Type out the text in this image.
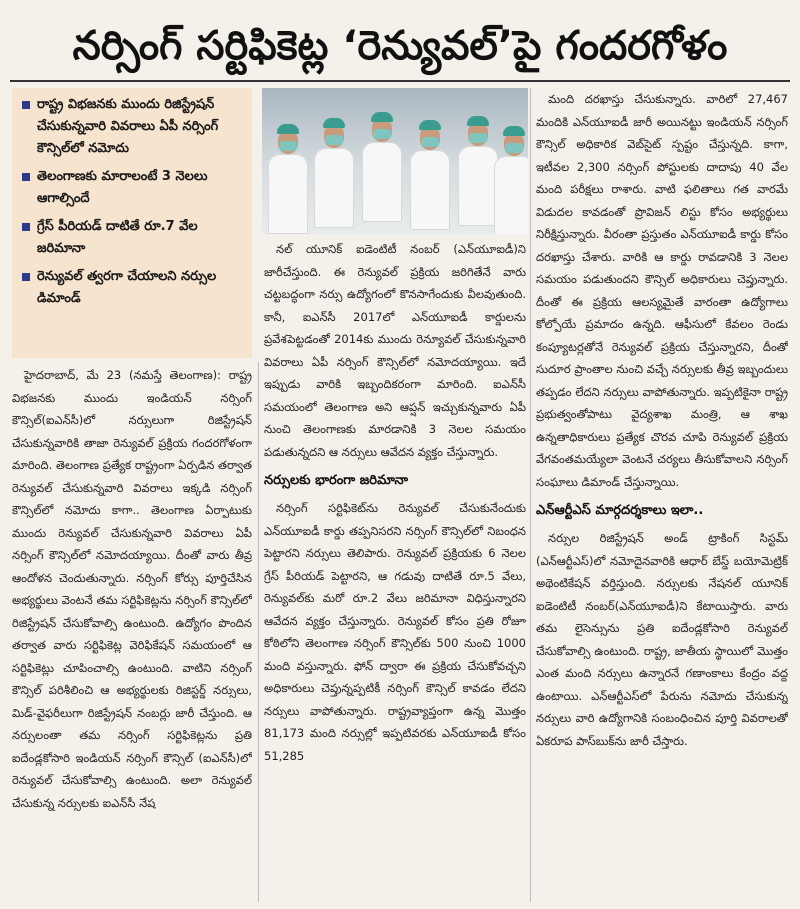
నర్సింగ్ సర్టిఫికెట్ల ‘రెన్యువల్’పై గందరగోళం
రాష్ట్ర విభజనకు ముందు రిజిస్ట్రేషన్ చేసుకున్నవారి వివరాలు ఏపీ నర్సింగ్ కౌన్సిల్‌లో నమోదు
తెలంగాణకు మారాలంటే 3 నెలలు ఆగాల్సిందే
గ్రేస్ పీరియడ్ దాటితే రూ.7 వేల జరిమానా
రెన్యువల్ త్వరగా చేయాలని నర్సుల డిమాండ్

హైదరాబాద్, మే 23 (నమస్తే తెలంగాణ): రాష్ట్ర విభజనకు ముందు ఇండియన్ నర్సింగ్ కౌన్సిల్(ఐఎన్‌సీ)లో నర్సులుగా రిజిస్ట్రేషన్ చేసుకున్నవారికి తాజా రెన్యువల్ ప్రక్రియ గందరగోళంగా మారింది. తెలంగాణ ప్రత్యేక రాష్ట్రంగా ఏర్పడిన తర్వాత రెన్యువల్ చేసుకున్నవారి వివరాలు ఇక్కడి నర్సింగ్ కౌన్సిల్‌లో నమోదు కాగా.. తెలంగాణ ఏర్పాటుకు ముందు రెన్యువల్ చేసుకున్నవారి వివరాలు ఏపీ నర్సింగ్ కౌన్సిల్‌లో నమోదయ్యాయి. దీంతో వారు తీవ్ర ఆందోళన చెందుతున్నారు. నర్సింగ్ కోర్సు పూర్తిచేసిన అభ్యర్థులు వెంటనే తమ సర్టిఫికెట్లను నర్సింగ్ కౌన్సిల్‌లో రిజిస్ట్రేషన్ చేసుకోవాల్సి ఉంటుంది. ఉద్యోగం పొందిన తర్వాత వారు సర్టిఫికెట్ల వెరిఫికేషన్ సమయంలో ఆ సర్టిఫికెట్లు చూపించాల్సి ఉంటుంది. వాటిని నర్సింగ్ కౌన్సిల్ పరిశీలించి ఆ అభ్యర్థులకు రిజిస్టర్డ్ నర్సులు, మిడ్-వైఫరీలుగా రిజిస్ట్రేషన్ నంబర్లు జారీ చేస్తుంది. ఆ నర్సులంతా తమ నర్సింగ్ సర్టిఫికెట్లను ప్రతి ఐదేండ్లకోసారి ఇండియన్ నర్సింగ్ కౌన్సిల్ (ఐఎన్‌సీ)లో రెన్యువల్ చేసుకోవాల్సి ఉంటుంది. అలా రెన్యువల్ చేసుకున్న నర్సులకు ఐఎన్‌సీ నేష

నల్ యూనిక్ ఐడెంటిటీ నంబర్ (ఎన్‌యూఐడీ)ని జారీచేస్తుంది. ఈ రెన్యువల్ ప్రక్రియ జరిగితేనే వారు చట్టబద్ధంగా నర్సు ఉద్యోగంలో కొనసాగేందుకు వీలవుతుంది. కానీ, ఐఎన్‌సీ 2017లో ఎన్‌యూఐడీ కార్డులను ప్రవేశపెట్టడంతో 2014కు ముందు రెన్యూవల్ చేసుకున్నవారి వివరాలు ఏపీ నర్సింగ్ కౌన్సిల్‌లో నమోదయ్యాయి. ఇదే ఇప్పుడు వారికి ఇబ్బందికరంగా మారింది. ఐఎన్‌సీ సమయంలో తెలంగాణ అని ఆప్షన్ ఇచ్చుకున్నవారు ఏపీ నుంచి తెలంగాణకు మారడానికి 3 నెలల సమయం పడుతున్నదని ఆ నర్సులు ఆవేదన వ్యక్తం చేస్తున్నారు.

నర్సులకు భారంగా జరిమానా

నర్సింగ్ సర్టిఫికెట్‌ను రెన్యువల్ చేసుకునేందుకు ఎన్‌యూఐడీ కార్డు తప్పనిసరని నర్సింగ్ కౌన్సిల్‌లో నిబంధన పెట్టారని నర్సులు తెలిపారు. రెన్యువల్ ప్రక్రియకు 6 నెలల గ్రేస్ పీరియడ్ పెట్టారని, ఆ గడువు దాటితే రూ.5 వేలు, రెన్యువల్‌కు మరో రూ.2 వేలు జరిమానా విధిస్తున్నారని ఆవేదన వ్యక్తం చేస్తున్నారు. రెన్యువల్ కోసం ప్రతి రోజూ కోఠిలోని తెలంగాణ నర్సింగ్ కౌన్సిల్‌కు 500 నుంచి 1000 మంది వస్తున్నారు. ఫోన్ ద్వారా ఈ ప్రక్రియ చేసుకోవచ్చని అధికారులు చెప్తున్నప్పటికీ నర్సింగ్ కౌన్సిల్ కావడం లేదని నర్సులు వాపోతున్నారు. రాష్ట్రవ్యాప్తంగా ఉన్న మొత్తం 81,173 మంది నర్సుల్లో ఇప్పటివరకు ఎన్‌యూఐడీ కోసం 51,285

మంది దరఖాస్తు చేసుకున్నారు. వారిలో 27,467 మందికి ఎన్‌యూఐడీ జారీ అయినట్టు ఇండియన్ నర్సింగ్ కౌన్సిల్ అధికారిక వెబ్‌సైట్ స్పష్టం చేస్తున్నది. కాగా, ఇటీవల 2,300 నర్సింగ్ పోస్టులకు దాదాపు 40 వేల మంది పరీక్షలు రాశారు. వాటి ఫలితాలు గత వారమే విడుదల కావడంతో ప్రొవిజన్ లిస్టు కోసం అభ్యర్థులు నిరీక్షిస్తున్నారు. వీరంతా ప్రస్తుతం ఎన్‌యూఐడీ కార్డు కోసం దరఖాస్తు చేశారు. వారికి ఆ కార్డు రావడానికి 3 నెలల సమయం పడుతుందని కౌన్సిల్ అధికారులు చెప్తున్నారు. దీంతో ఈ ప్రక్రియ ఆలస్యమైతే వారంతా ఉద్యోగాలు కోల్పోయే ప్రమాదం ఉన్నది. ఆఫీసులో కేవలం రెండు కంప్యూటర్లతోనే రెన్యువల్ ప్రక్రియ చేస్తున్నారని, దీంతో సుదూర ప్రాంతాల నుంచి వచ్చే నర్సులకు తీవ్ర ఇబ్బందులు తప్పడం లేదని నర్సులు వాపోతున్నారు. ఇప్పటికైనా రాష్ట్ర ప్రభుత్వంతోపాటు వైద్యశాఖ మంత్రి, ఆ శాఖ ఉన్నతాధికారులు ప్రత్యేక చొరవ చూపి రెన్యువల్ ప్రక్రియ వేగవంతమయ్యేలా వెంటనే చర్యలు తీసుకోవాలని నర్సింగ్ సంఘాలు డిమాండ్ చేస్తున్నాయి.

ఎన్ఆర్టీఎస్ మార్గదర్శకాలు ఇలా..

నర్సుల రిజిస్ట్రేషన్ అండ్ ట్రాకింగ్ సిస్టమ్ (ఎన్ఆర్టీఎస్)లో నమోదైనవారికి ఆధార్ బేస్డ్ బయోమెట్రిక్ అథెంటికేషన్ వర్తిస్తుంది. నర్సులకు నేషనల్ యూనిక్ ఐడెంటిటీ నంబర్(ఎన్‌యూఐడీ)ని కేటాయిస్తారు. వారు తమ లైసెన్సును ప్రతి ఐదేండ్లకోసారి రెన్యువల్ చేసుకోవాల్సి ఉంటుంది. రాష్ట్ర, జాతీయ స్థాయిలో మొత్తం ఎంత మంది నర్సులు ఉన్నారనే గణాంకాలు కేంద్రం వద్ద ఉంటాయి. ఎన్ఆర్టీఎస్‌లో పేరును నమోదు చేసుకున్న నర్సులు వారి ఉద్యోగానికి సంబంధించిన పూర్తి వివరాలతో ఏకరూప పాస్‌బుక్‌ను జారీ చేస్తారు.
